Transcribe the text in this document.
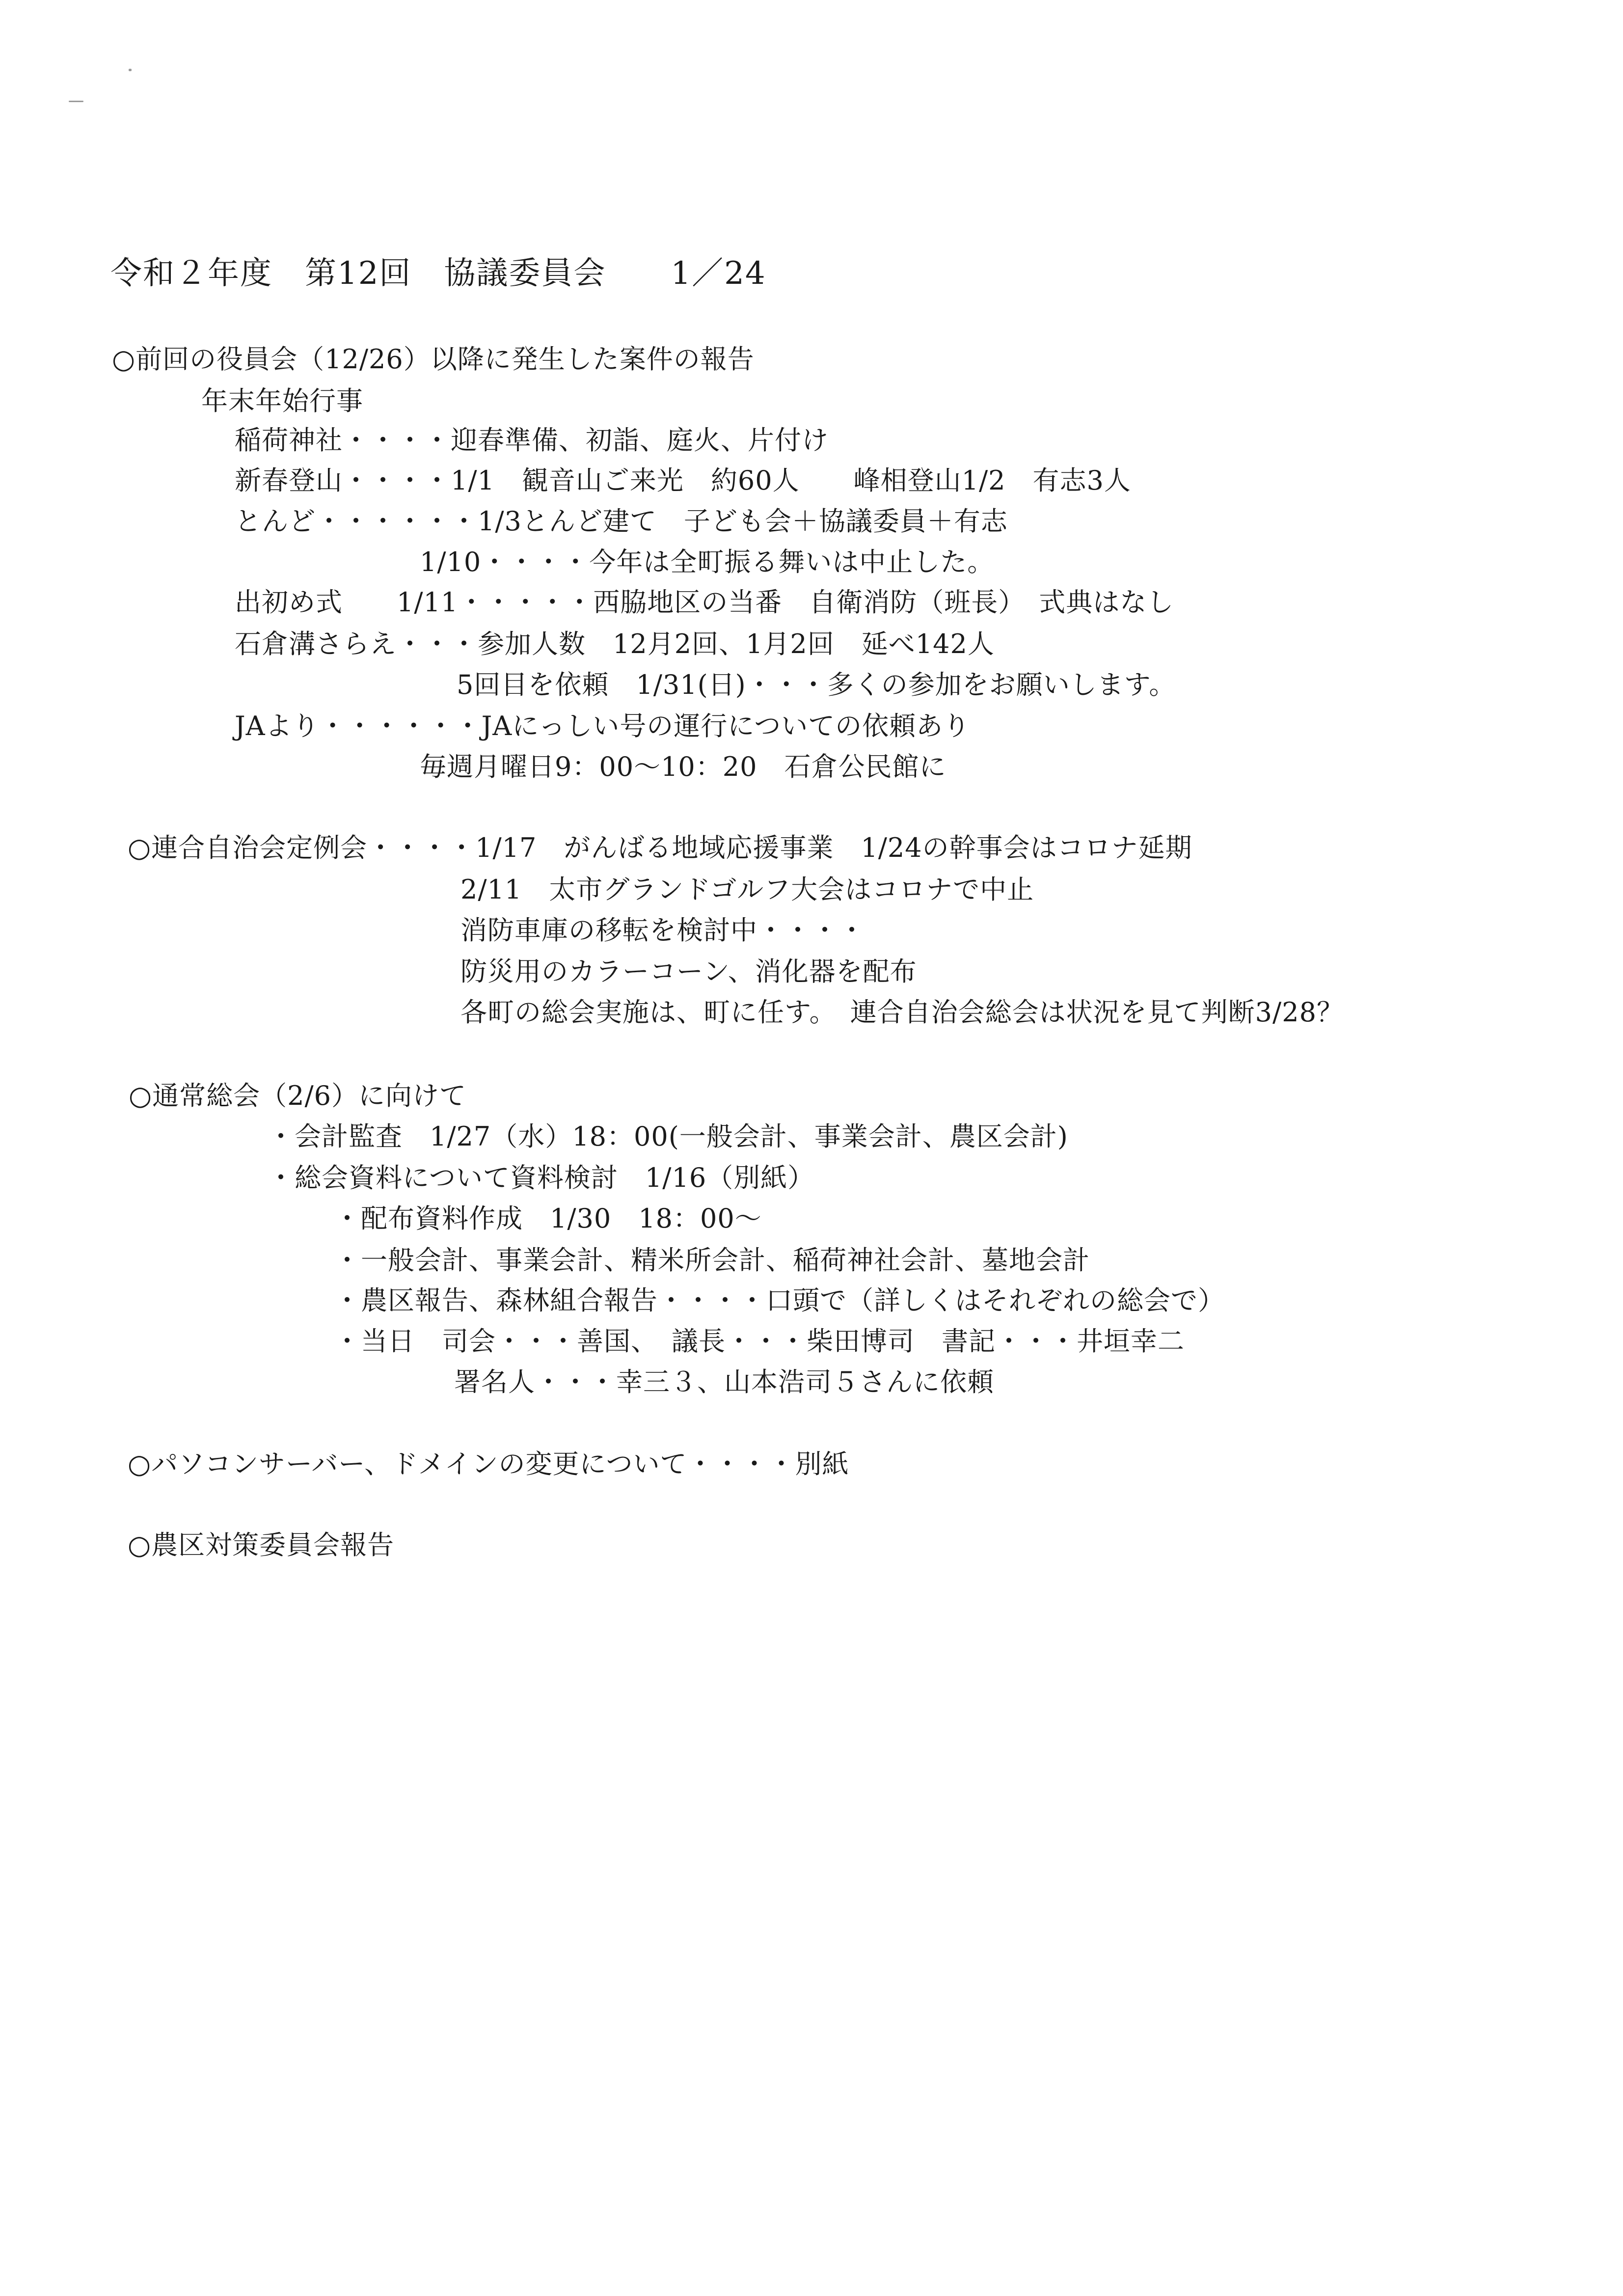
令和２年度　第12回　協議委員会　　1／24
○前回の役員会（12/26）以降に発生した案件の報告
年末年始行事
稲荷神社・・・・迎春準備、初詣、庭火、片付け
新春登山・・・・1/1　観音山ご来光　約60人　　峰相登山1/2　有志3人
とんど・・・・・・1/3とんど建て　子ども会＋協議委員＋有志
1/10・・・・今年は全町振る舞いは中止した。
出初め式　　1/11・・・・・西脇地区の当番　自衛消防（班長）　式典はなし
石倉溝さらえ・・・参加人数　12月2回、1月2回　延べ142人
5回目を依頼　1/31(日)・・・多くの参加をお願いします。
JAより・・・・・・JAにっしい号の運行についての依頼あり
毎週月曜日9：00～10：20　石倉公民館に
○連合自治会定例会・・・・1/17　がんばる地域応援事業　1/24の幹事会はコロナ延期
2/11　太市グランドゴルフ大会はコロナで中止
消防車庫の移転を検討中・・・・
防災用のカラーコーン、消化器を配布
各町の総会実施は、町に任す。　連合自治会総会は状況を見て判断3/28？
○通常総会（2/6）に向けて
・会計監査　1/27（水）18：00(一般会計、事業会計、農区会計)
・総会資料について資料検討　1/16（別紙）
・配布資料作成　1/30　18：00～
・一般会計、事業会計、精米所会計、稲荷神社会計、墓地会計
・農区報告、森林組合報告・・・・口頭で（詳しくはそれぞれの総会で）
・当日　司会・・・善国、　議長・・・柴田博司　書記・・・井垣幸二
署名人・・・幸三３、山本浩司５さんに依頼
○パソコンサーバー、ドメインの変更について・・・・別紙
○農区対策委員会報告
